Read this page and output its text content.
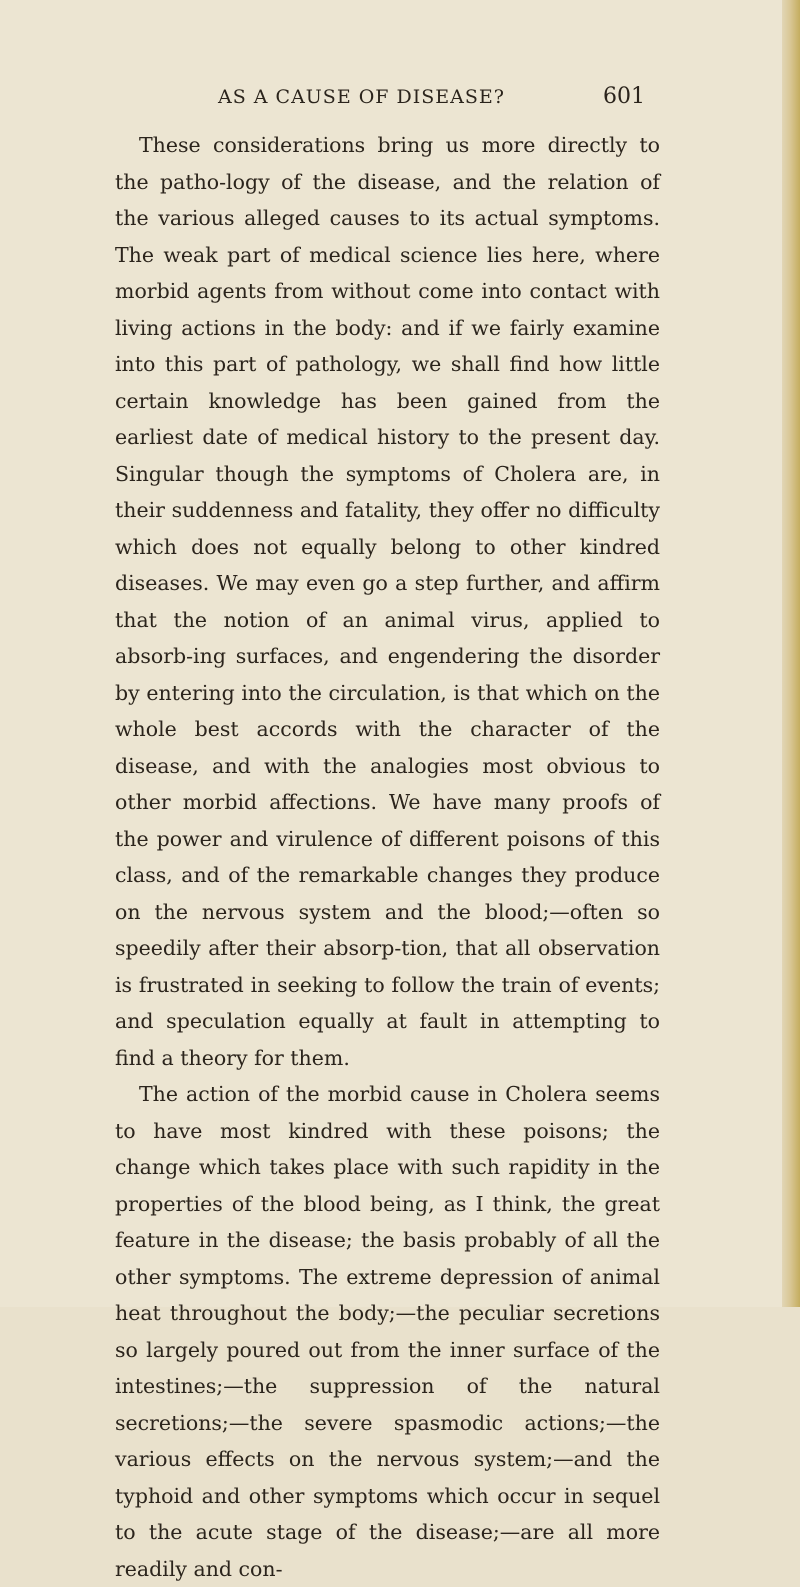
AS A CAUSE OF DISEASE?	601

These considerations bring us more directly to the patho-logy of the disease, and the relation of the various alleged causes to its actual symptoms. The weak part of medical science lies here, where morbid agents from without come into contact with living actions in the body: and if we fairly examine into this part of pathology, we shall find how little certain knowledge has been gained from the earliest date of medical history to the present day. Singular though the symptoms of Cholera are, in their suddenness and fatality, they offer no difficulty which does not equally belong to other kindred diseases. We may even go a step further, and affirm that the notion of an animal virus, applied to absorb-ing surfaces, and engendering the disorder by entering into the circulation, is that which on the whole best accords with the character of the disease, and with the analogies most obvious to other morbid affections. We have many proofs of the power and virulence of different poisons of this class, and of the remarkable changes they produce on the nervous system and the blood;—often so speedily after their absorp-tion, that all observation is frustrated in seeking to follow the train of events; and speculation equally at fault in attempting to find a theory for them.

The action of the morbid cause in Cholera seems to have most kindred with these poisons; the change which takes place with such rapidity in the properties of the blood being, as I think, the great feature in the disease; the basis probably of all the other symptoms. The extreme depression of animal heat throughout the body;—the peculiar secretions so largely poured out from the inner surface of the intestines;—the suppression of the natural secretions;—the severe spasmodic actions;—the various effects on the nervous system;—and the typhoid and other symptoms which occur in sequel to the acute stage of the disease;—are all more readily and con-
